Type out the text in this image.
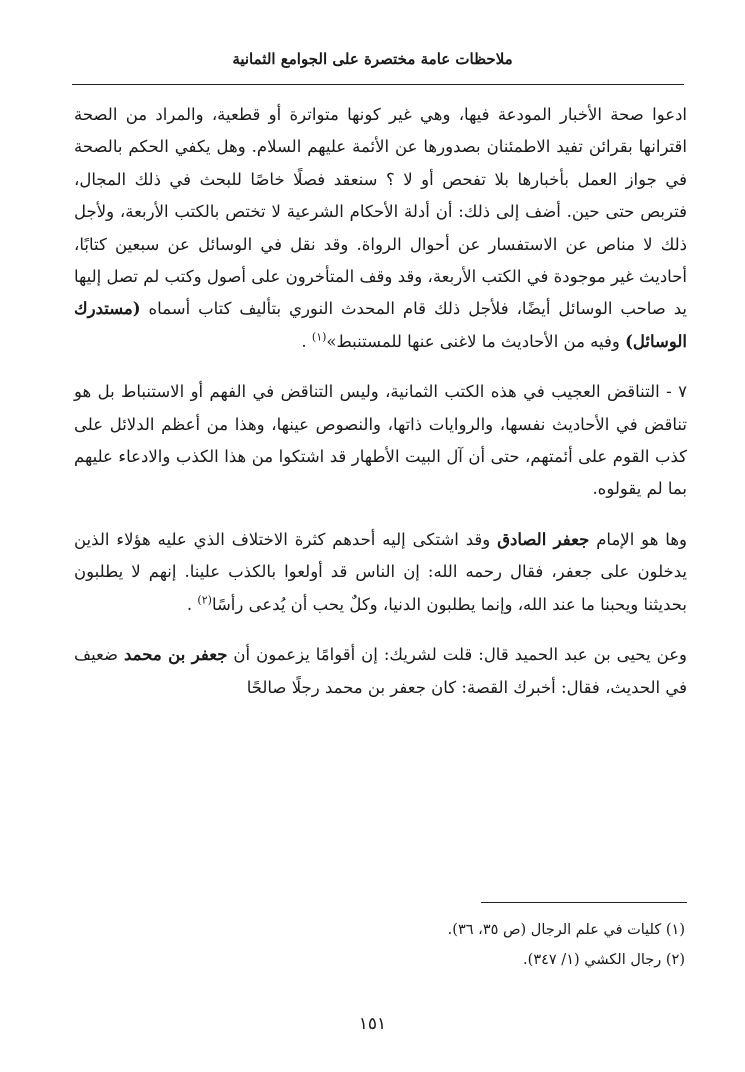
ملاحظات عامة مختصرة على الجوامع الثمانية

ادعوا صحة الأخبار المودعة فيها، وهي غير كونها متواترة أو قطعية، والمراد من الصحة اقترانها بقرائن تفيد الاطمئنان بصدورها عن الأئمة عليهم السلام. وهل يكفي الحكم بالصحة في جواز العمل بأخبارها بلا تفحص أو لا ؟ سنعقد فصلًا خاصًا للبحث في ذلك المجال، فتربص حتى حين. أضف إلى ذلك: أن أدلة الأحكام الشرعية لا تختص بالكتب الأربعة، ولأجل ذلك لا مناص عن الاستفسار عن أحوال الرواة. وقد نقل في الوسائل عن سبعين كتابًا، أحاديث غير موجودة في الكتب الأربعة، وقد وقف المتأخرون على أصول وكتب لم تصل إليها يد صاحب الوسائل أيضًا، فلأجل ذلك قام المحدث النوري بتأليف كتاب أسماه (مستدرك الوسائل) وفيه من الأحاديث ما لاغنى عنها للمستنبط»$^{(١)}$ .

٧ - التناقض العجيب في هذه الكتب الثمانية، وليس التناقض في الفهم أو الاستنباط بل هو تناقض في الأحاديث نفسها، والروايات ذاتها، والنصوص عينها، وهذا من أعظم الدلائل على كذب القوم على أئمتهم، حتى أن آل البيت الأطهار قد اشتكوا من هذا الكذب والادعاء عليهم بما لم يقولوه.

وها هو الإمام جعفر الصادق وقد اشتكى إليه أحدهم كثرة الاختلاف الذي عليه هؤلاء الذين يدخلون على جعفر، فقال رحمه الله: إن الناس قد أولعوا بالكذب علينا. إنهم لا يطلبون بحديثنا ويحبنا ما عند الله، وإنما يطلبون الدنيا، وكلٌ يحب أن يُدعى رأسًا$^{(٢)}$ .

وعن يحيى بن عبد الحميد قال: قلت لشريك: إن أقوامًا يزعمون أن جعفر بن محمد ضعيف في الحديث، فقال: أخبرك القصة: كان جعفر بن محمد رجلًا صالحًا

(١) كليات في علم الرجال (ص ٣٥، ٣٦).
(٢) رجال الكشي (١/ ٣٤٧).
١٥١
